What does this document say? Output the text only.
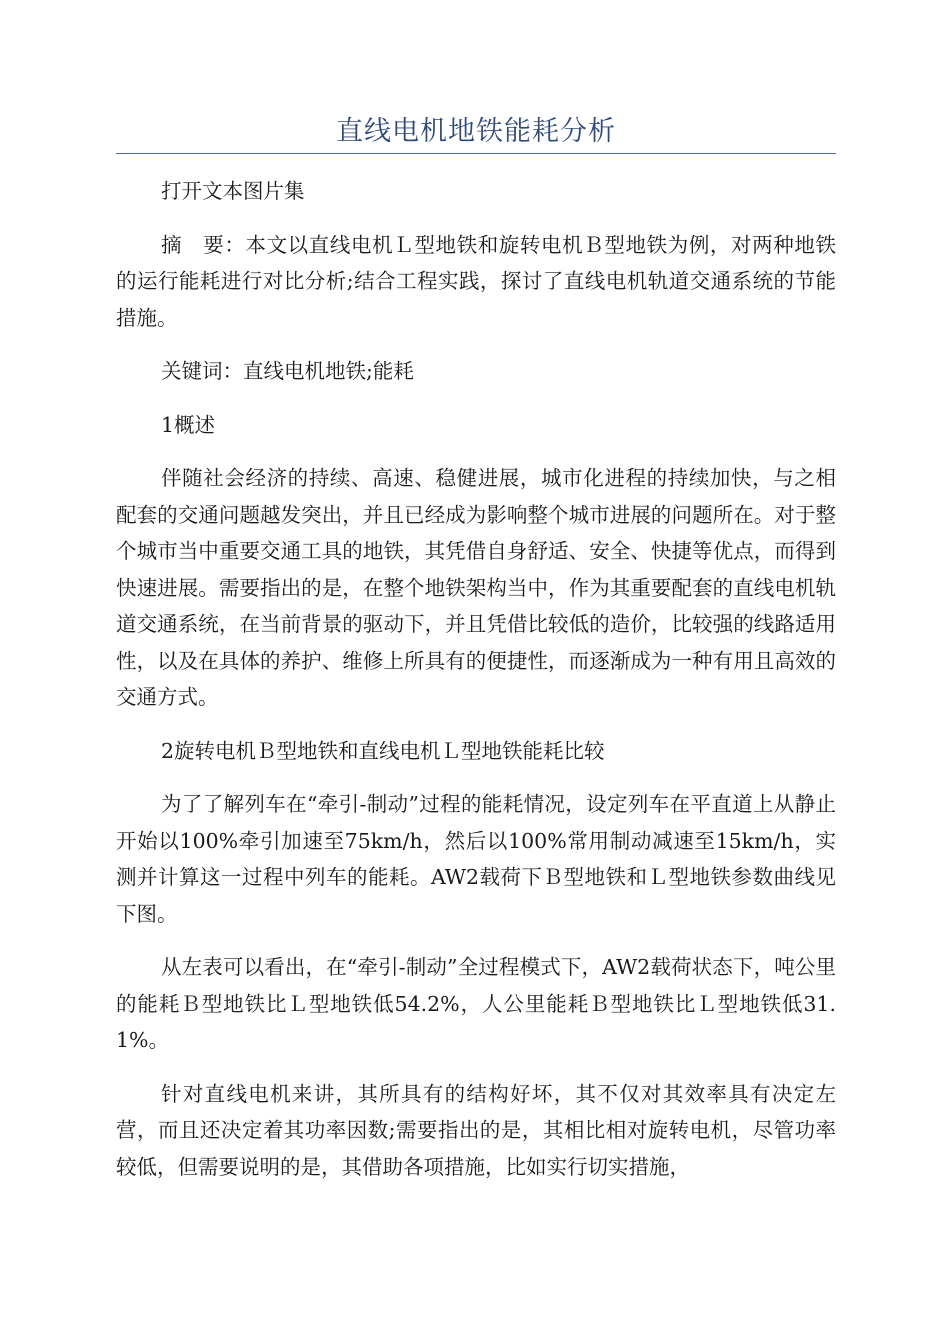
直线电机地铁能耗分析

打开文本图片集

摘　要：本文以直线电机Ｌ型地铁和旋转电机Ｂ型地铁为例，对两种地铁的运行能耗进行对比分析;结合工程实践，探讨了直线电机轨道交通系统的节能措施。

关键词：直线电机地铁;能耗

1概述

伴随社会经济的持续、高速、稳健进展，城市化进程的持续加快，与之相配套的交通问题越发突出，并且已经成为影响整个城市进展的问题所在。对于整个城市当中重要交通工具的地铁，其凭借自身舒适、安全、快捷等优点，而得到快速进展。需要指出的是，在整个地铁架构当中，作为其重要配套的直线电机轨道交通系统，在当前背景的驱动下，并且凭借比较低的造价，比较强的线路适用性，以及在具体的养护、维修上所具有的便捷性，而逐渐成为一种有用且高效的交通方式。

2旋转电机Ｂ型地铁和直线电机Ｌ型地铁能耗比较

为了了解列车在“牵引-制动”过程的能耗情况，设定列车在平直道上从静止开始以100%牵引加速至75km/h，然后以100%常用制动减速至15km/h，实测并计算这一过程中列车的能耗。AW2载荷下Ｂ型地铁和Ｌ型地铁参数曲线见下图。

从左表可以看出，在“牵引-制动”全过程模式下，AW2载荷状态下，吨公里的能耗Ｂ型地铁比Ｌ型地铁低54.2%，人公里能耗Ｂ型地铁比Ｌ型地铁低31.1%。

针对直线电机来讲，其所具有的结构好坏，其不仅对其效率具有决定左营，而且还决定着其功率因数;需要指出的是，其相比相对旋转电机，尽管功率较低，但需要说明的是，其借助各项措施，比如实行切实措施，
